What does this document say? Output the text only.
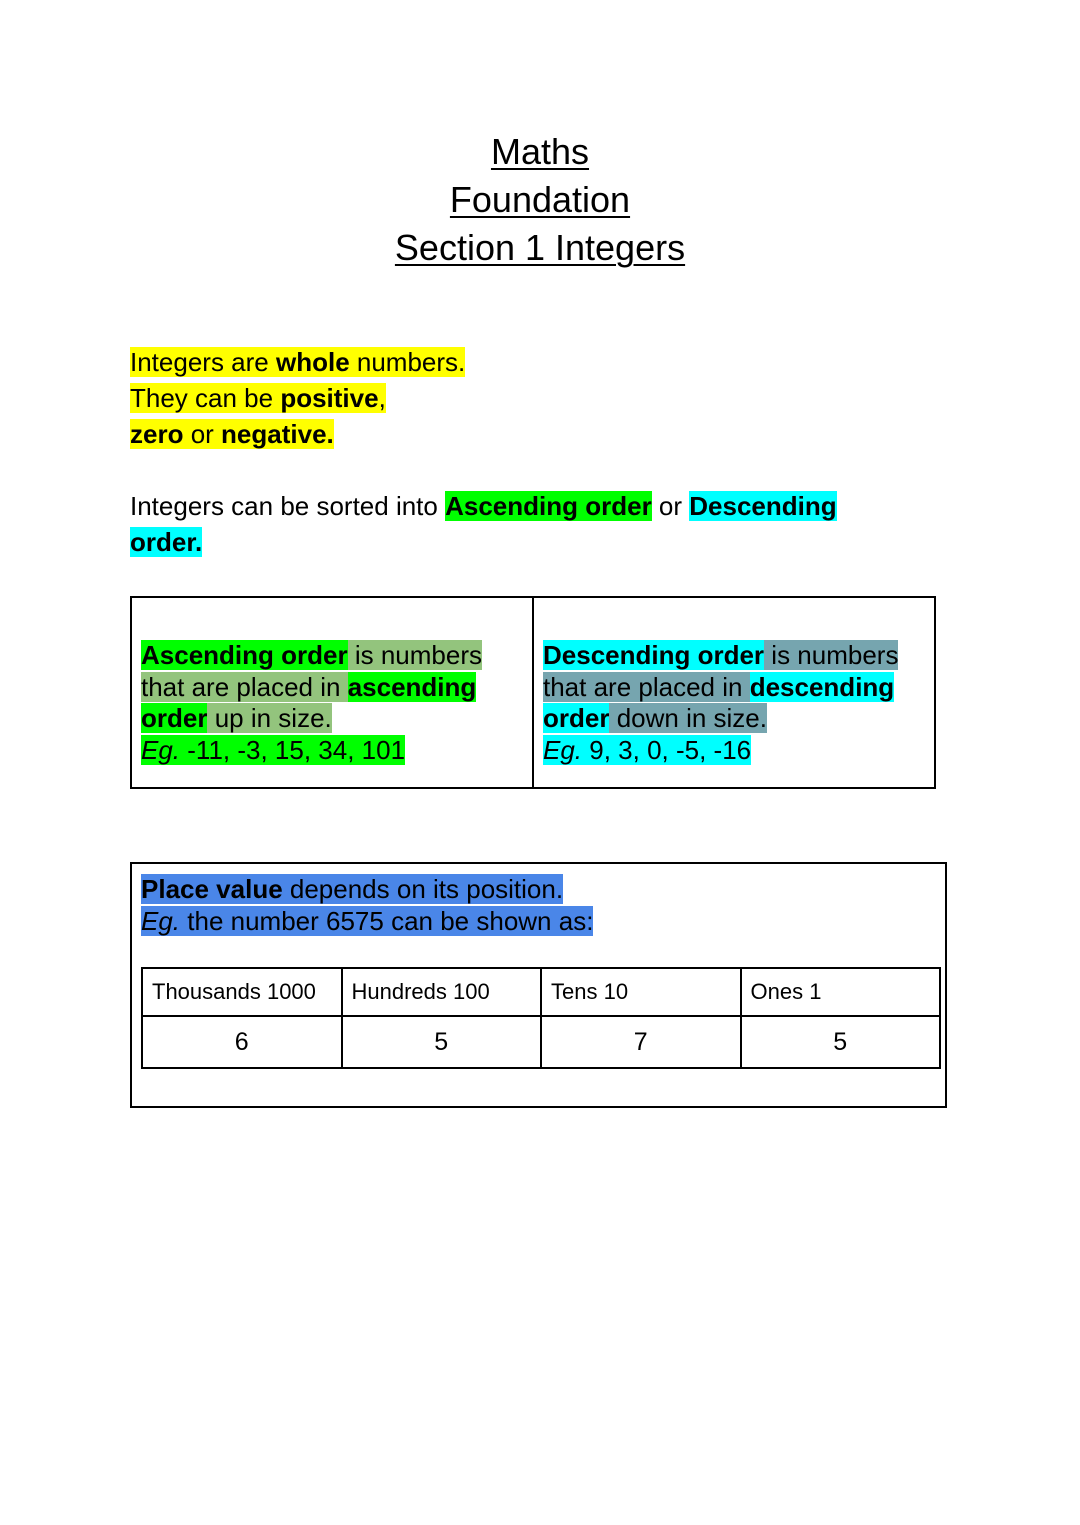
Maths
Foundation
Section 1 Integers
Integers are whole numbers.
They can be positive,
zero or negative.
Integers can be sorted into Ascending order or Descending order.
Ascending order is numbers that are placed in ascending order up in size.
Eg. -11, -3, 15, 34, 101
Descending order is numbers that are placed in descending order down in size.
Eg. 9, 3, 0, -5, -16
Place value depends on its position.
Eg. the number 6575 can be shown as:
Thousands 1000	Hundreds 100	Tens 10	Ones 1
6	5	7	5
